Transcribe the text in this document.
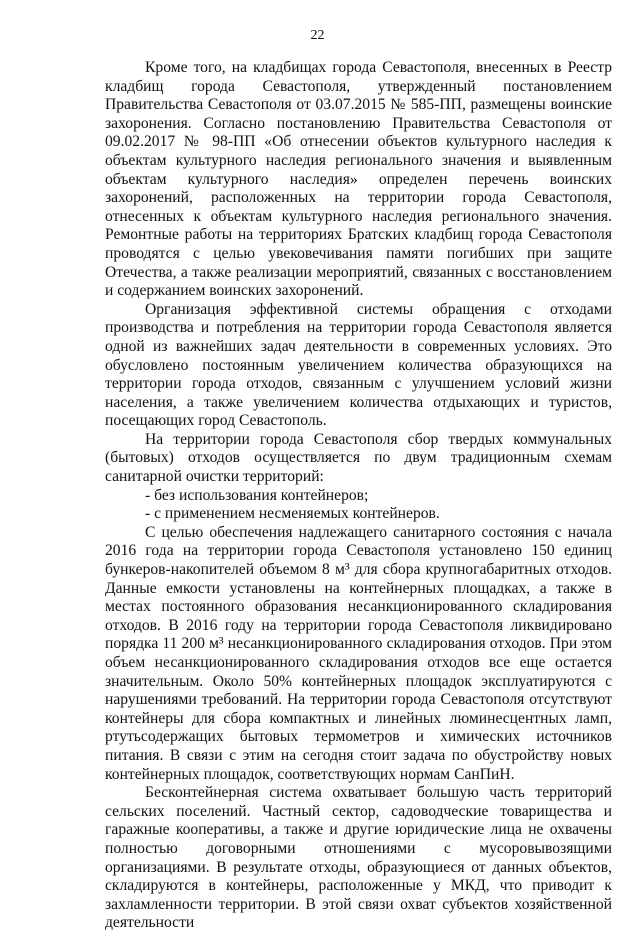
22

Кроме того, на кладбищах города Севастополя, внесенных в Реестр кладбищ города Севастополя, утвержденный постановлением Правительства Севастополя от 03.07.2015 № 585-ПП, размещены воинские захоронения. Согласно постановлению Правительства Севастополя от 09.02.2017 № 98-ПП «Об отнесении объектов культурного наследия к объектам культурного наследия регионального значения и выявленным объектам культурного наследия» определен перечень воинских захоронений, расположенных на территории города Севастополя, отнесенных к объектам культурного наследия регионального значения. Ремонтные работы на территориях Братских кладбищ города Севастополя проводятся с целью увековечивания памяти погибших при защите Отечества, а также реализации мероприятий, связанных с восстановлением и содержанием воинских захоронений.

Организация эффективной системы обращения с отходами производства и потребления на территории города Севастополя является одной из важнейших задач деятельности в современных условиях. Это обусловлено постоянным увеличением количества образующихся на территории города отходов, связанным с улучшением условий жизни населения, а также увеличением количества отдыхающих и туристов, посещающих город Севастополь.

На территории города Севастополя сбор твердых коммунальных (бытовых) отходов осуществляется по двум традиционным схемам санитарной очистки территорий:

- без использования контейнеров;

- с применением несменяемых контейнеров.

С целью обеспечения надлежащего санитарного состояния с начала 2016 года на территории города Севастополя установлено 150 единиц бункеров-накопителей объемом 8 м³ для сбора крупногабаритных отходов. Данные емкости установлены на контейнерных площадках, а также в местах постоянного образования несанкционированного складирования отходов. В 2016 году на территории города Севастополя ликвидировано порядка 11 200 м³ несанкционированного складирования отходов. При этом объем несанкционированного складирования отходов все еще остается значительным. Около 50% контейнерных площадок эксплуатируются с нарушениями требований. На территории города Севастополя отсутствуют контейнеры для сбора компактных и линейных люминесцентных ламп, ртутьсодержащих бытовых термометров и химических источников питания. В связи с этим на сегодня стоит задача по обустройству новых контейнерных площадок, соответствующих нормам СанПиН.

Бесконтейнерная система охватывает большую часть территорий сельских поселений. Частный сектор, садоводческие товарищества и гаражные кооперативы, а также и другие юридические лица не охвачены полностью договорными отношениями с мусоровывозящими организациями. В результате отходы, образующиеся от данных объектов, складируются в контейнеры, расположенные у МКД, что приводит к захламленности территории. В этой связи охват субъектов хозяйственной деятельности
